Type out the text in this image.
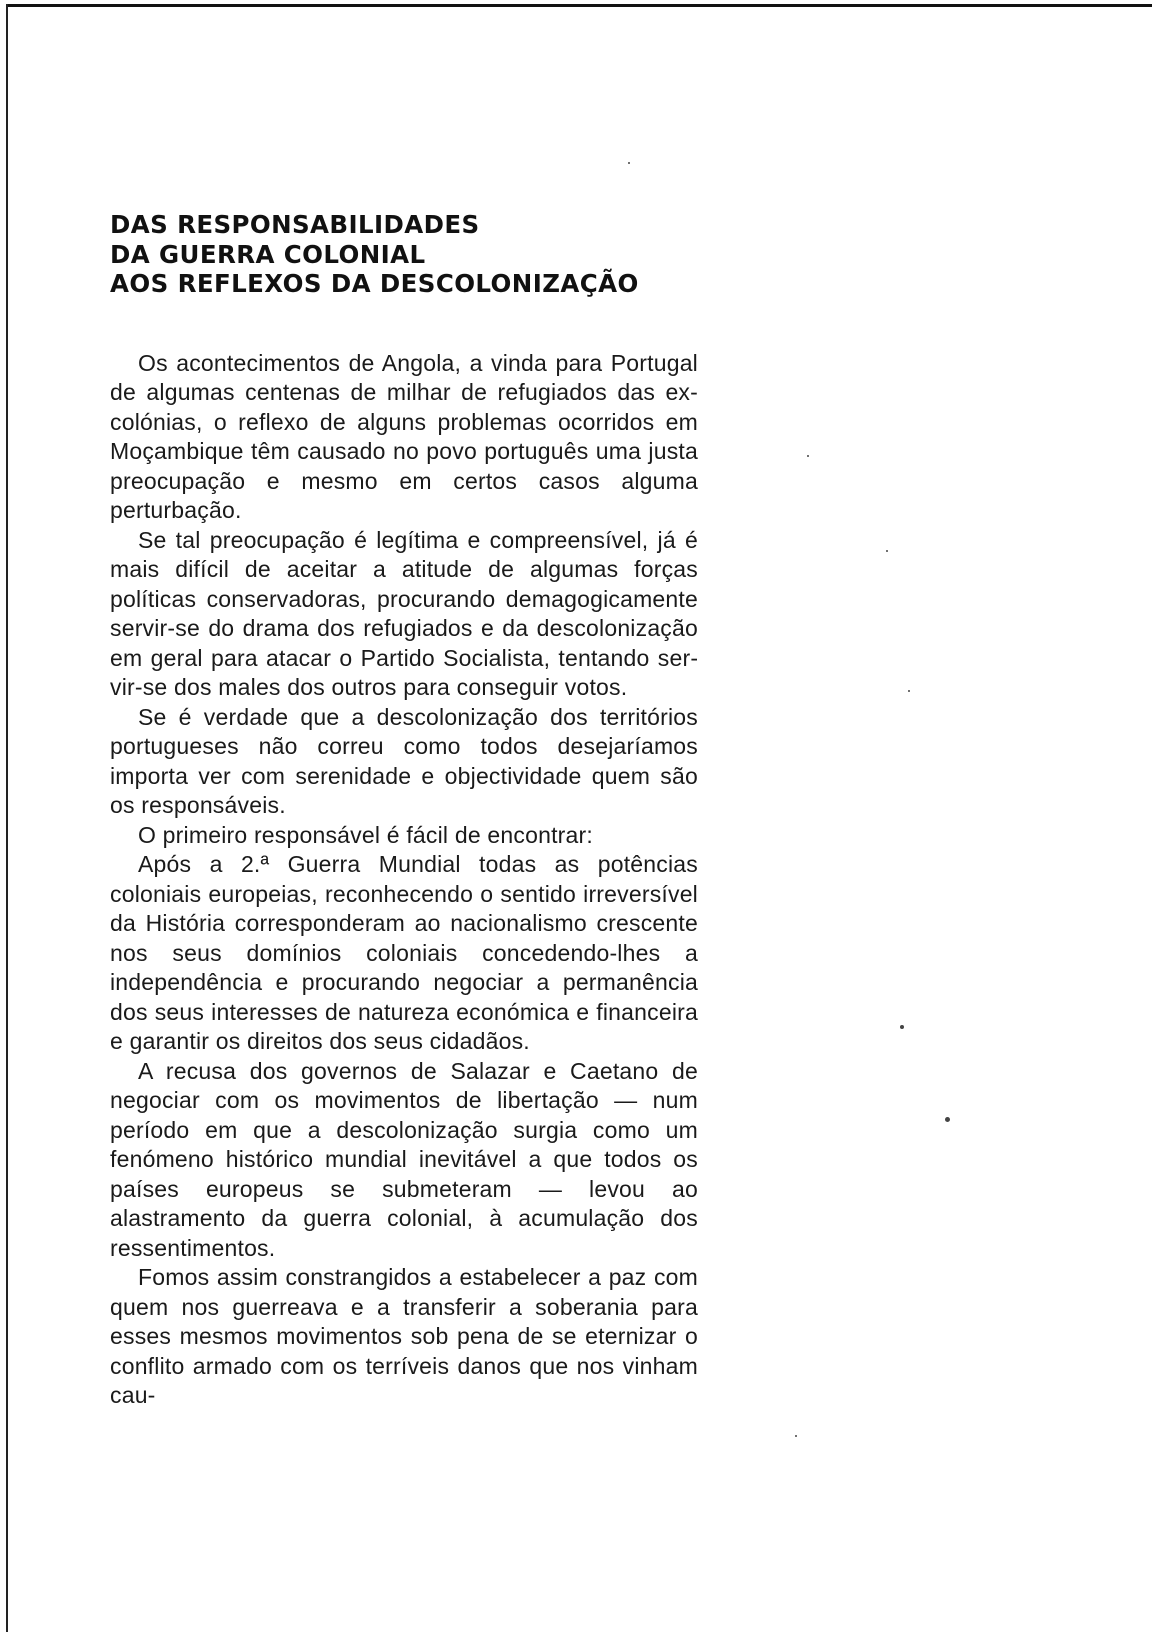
DAS RESPONSABILIDADES
DA GUERRA COLONIAL
AOS REFLEXOS DA DESCOLONIZAÇÃO

Os acontecimentos de Angola, a vinda para Portugal de algumas centenas de milhar de refugiados das ex-colónias, o reflexo de alguns problemas ocorridos em Moçambique têm causado no povo português uma justa preocupação e mesmo em certos casos alguma perturbação.

Se tal preocupação é legítima e compreensível, já é mais difícil de aceitar a atitude de algumas forças políticas conservadoras, procurando demagogicamente servir-se do drama dos refugiados e da descolonização em geral para atacar o Partido Socialista, tentando servir-se dos males dos outros para conseguir votos.

Se é verdade que a descolonização dos territórios portugueses não correu como todos desejaríamos importa ver com serenidade e objectividade quem são os responsáveis.

O primeiro responsável é fácil de encontrar:

Após a 2.ª Guerra Mundial todas as potências coloniais europeias, reconhecendo o sentido irreversível da História corresponderam ao nacionalismo crescente nos seus domínios coloniais concedendo-lhes a independência e procurando negociar a permanência dos seus interesses de natureza económica e financeira e garantir os direitos dos seus cidadãos.

A recusa dos governos de Salazar e Caetano de negociar com os movimentos de libertação — num período em que a descolonização surgia como um fenómeno histórico mundial inevitável a que todos os países europeus se submeteram — levou ao alastramento da guerra colonial, à acumulação dos ressentimentos.

Fomos assim constrangidos a estabelecer a paz com quem nos guerreava e a transferir a soberania para esses mesmos movimentos sob pena de se eternizar o conflito armado com os terríveis danos que nos vinham cau-
